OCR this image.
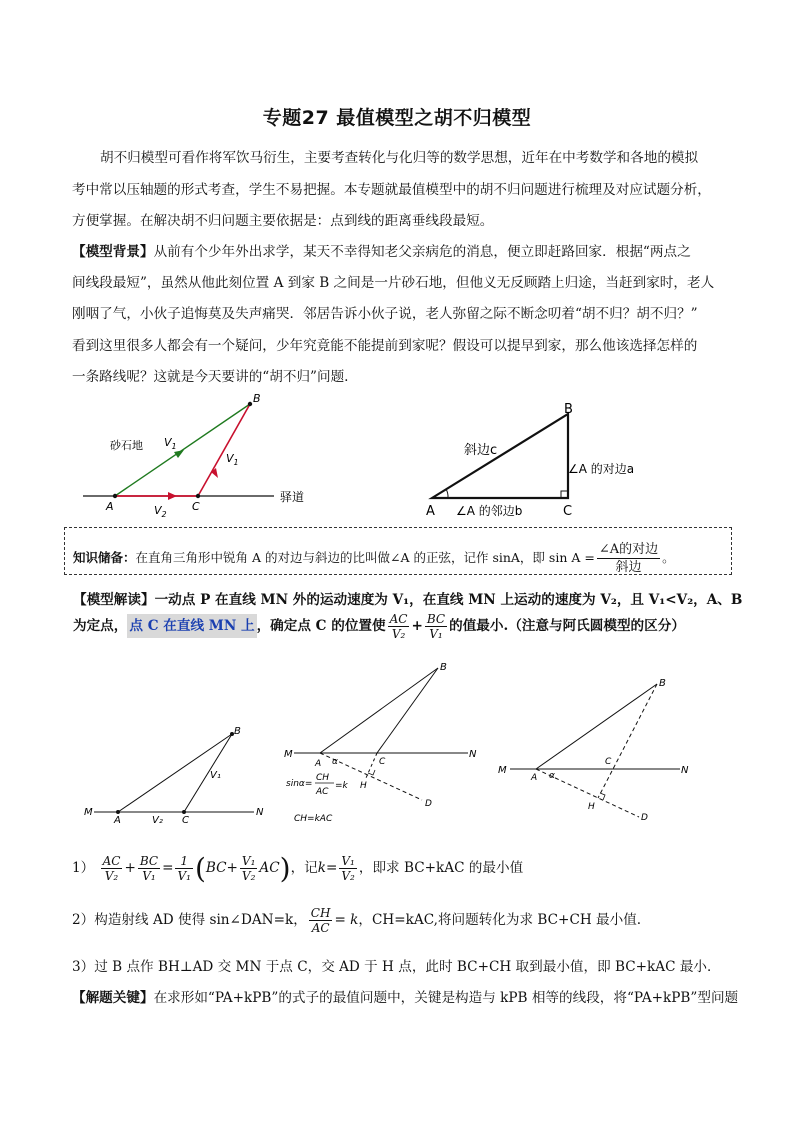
专题27 最值模型之胡不归模型
胡不归模型可看作将军饮马衍生，主要考查转化与化归等的数学思想，近年在中考数学和各地的模拟
考中常以压轴题的形式考查，学生不易把握。本专题就最值模型中的胡不归问题进行梳理及对应试题分析，
方便掌握。在解决胡不归问题主要依据是：点到线的距离垂线段最短。
【模型背景】从前有个少年外出求学，某天不幸得知老父亲病危的消息，便立即赶路回家．根据“两点之
间线段最短”，虽然从他此刻位置 A 到家 B 之间是一片砂石地，但他义无反顾踏上归途，当赶到家时，老人
刚咽了气，小伙子追悔莫及失声痛哭．邻居告诉小伙子说，老人弥留之际不断念叨着“胡不归？胡不归？”
看到这里很多人都会有一个疑问，少年究竟能不能提前到家呢？假设可以提早到家，那么他该选择怎样的
一条路线呢？这就是今天要讲的“胡不归”问题.
砂石地 $V_1$
$V_1$
$V_2$
A	C
B
驿道
A
B
C
斜边c
∠A 的对边a
∠A 的邻边b
知识储备：在直角三角形中锐角 A 的对边与斜边的比叫做∠A 的正弦，记作 sinA，即 $\sin A = \frac{\text{∠A的对边}}{\text{斜边}}$ 。
【模型解读】一动点 P 在直线 MN 外的运动速度为 V₁，在直线 MN 上运动的速度为 V₂，且 V₁<V₂，A、B
为定点， 点 C 在直线 MN 上 ，确定点 C 的位置使 $\frac{AC}{\text{V₂}} + \frac{BC}{\text{V₁}}$ 的值最小.（注意与阿氏圆模型的区分）
M	N
A	C
B
V₂
V₁
M	N
A	C
B
H
D
α
sinα=
CH
AC
=k
CH=kAC
M	N
A
C
B
H
D
α
$1) \frac{AC}{\text{V₂}} + \frac{BC}{\text{V₁}} = \frac{1}{\text{V₁}} (BC+ \frac{\text{V₁}}{\text{V₂}} AC)$，记$k= \frac{\text{V₁}}{\text{V₂}}$ ，即求 BC+kAC 的最小值
2）构造射线 AD 使得 sin∠DAN=k， $\frac{CH}{AC} = k$，CH=kAC,将问题转化为求 BC+CH 最小值.
3）过 B 点作 BH⊥AD 交 MN 于点 C，交 AD 于 H 点，此时 BC+CH 取到最小值，即 BC+kAC 最小．
【解题关键】在求形如“PA+kPB”的式子的最值问题中，关键是构造与 kPB 相等的线段，将“PA+kPB”型问题
